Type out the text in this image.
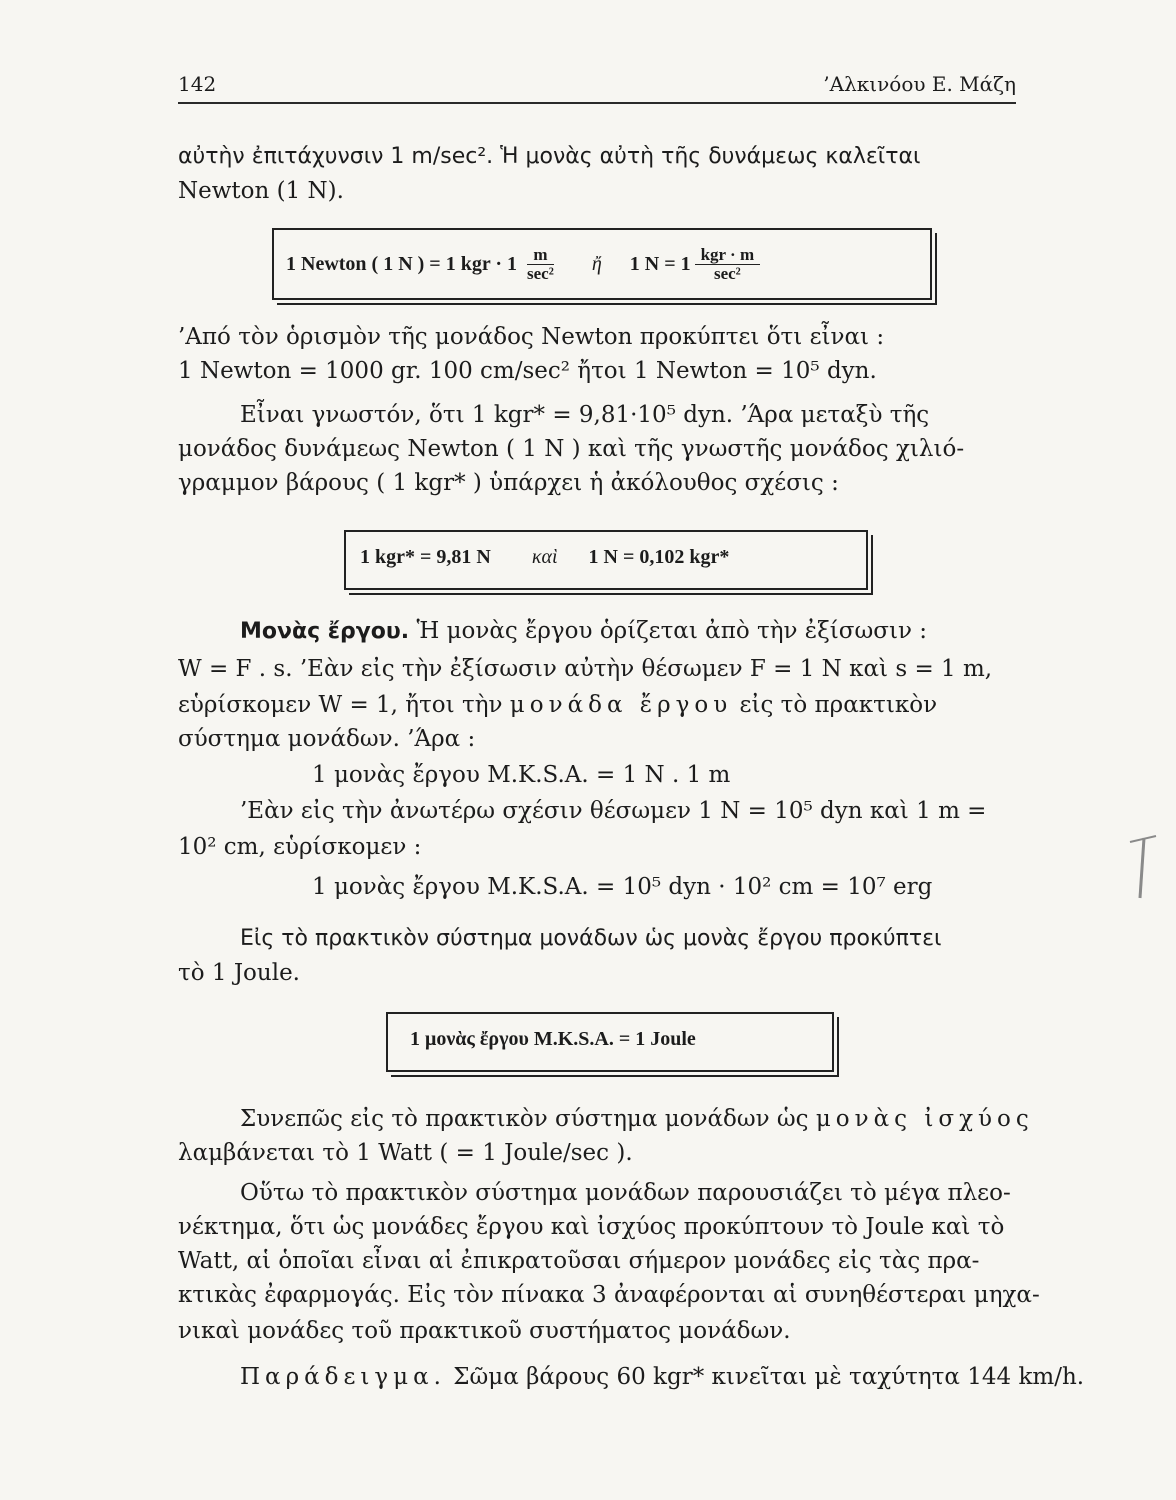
142	’Αλκινόου Ε. Μάζη
αὐτὴν ἐπιτάχυνσιν 1 m/sec². Ἡ μονὰς αὐτὴ τῆς δυνάμεως καλεῖται
Newton (1 N).
1 Newton ( 1 N ) = 1 kgr · $1 \frac{m}{\text{sec²}}$ ἤ 1 $N = 1 \frac{\text{kgr · m}}{\text{sec²}}$
’Από τὸν ὁρισμὸν τῆς μονάδος Newton προκύπτει ὅτι εἶναι :
1 Newton = 1000 gr. 100 cm/sec² ἤτοι 1 Newton = 10⁵ dyn.
Εἶναι γνωστόν, ὅτι 1 kgr* = 9,81·10⁵ dyn. ’Άρα μεταξὺ τῆς
μονάδος δυνάμεως Newton ( 1 N ) καὶ τῆς γνωστῆς μονάδος χιλιό-
γραμμον βάρους ( 1 kgr* ) ὑπάρχει ἡ ἀκόλουθος σχέσις :
1 kgr* = 9,81 N καὶ 1 N = 0,102 kgr*
Μονὰς ἔργου. Ἡ μονὰς ἔργου ὁρίζεται ἀπὸ τὴν ἐξίσωσιν :
W = F . s. ’Εὰν εἰς τὴν ἐξίσωσιν αὐτὴν θέσωμεν F = 1 N καὶ s = 1 m,
εὑρίσκομεν W = 1, ἤτοι τὴν μονάδα ἔργου εἰς τὸ πρακτικὸν
σύστημα μονάδων. ’Άρα :
1 μονὰς ἔργου M.K.S.A. = 1 N . 1 m
’Εὰν εἰς τὴν ἀνωτέρω σχέσιν θέσωμεν 1 N = 10⁵ dyn καὶ 1 m =
10² cm, εὑρίσκομεν :
1 μονὰς ἔργου M.K.S.A. = 10⁵ dyn · 10² cm = 10⁷ erg
Εἰς τὸ πρακτικὸν σύστημα μονάδων ὡς μονὰς ἔργου προκύπτει
τὸ 1 Joule.
1 μονὰς ἔργου M.K.S.A. = 1 Joule
Συνεπῶς εἰς τὸ πρακτικὸν σύστημα μονάδων ὡς μονὰς ἰσχύος
λαμβάνεται τὸ 1 Watt ( = 1 Joule/sec ).
Οὕτω τὸ πρακτικὸν σύστημα μονάδων παρουσιάζει τὸ μέγα πλεο-
νέκτημα, ὅτι ὡς μονάδες ἔργου καὶ ἰσχύος προκύπτουν τὸ Joule καὶ τὸ
Watt, αἱ ὁποῖαι εἶναι αἱ ἐπικρατοῦσαι σήμερον μονάδες εἰς τὰς πρα-
κτικὰς ἐφαρμογάς. Εἰς τὸν πίνακα 3 ἀναφέρονται αἱ συνηθέστεραι μηχα-
νικαὶ μονάδες τοῦ πρακτικοῦ συστήματος μονάδων.
Παράδειγμα. Σῶμα βάρους 60 kgr* κινεῖται μὲ ταχύτητα 144 km/h.
